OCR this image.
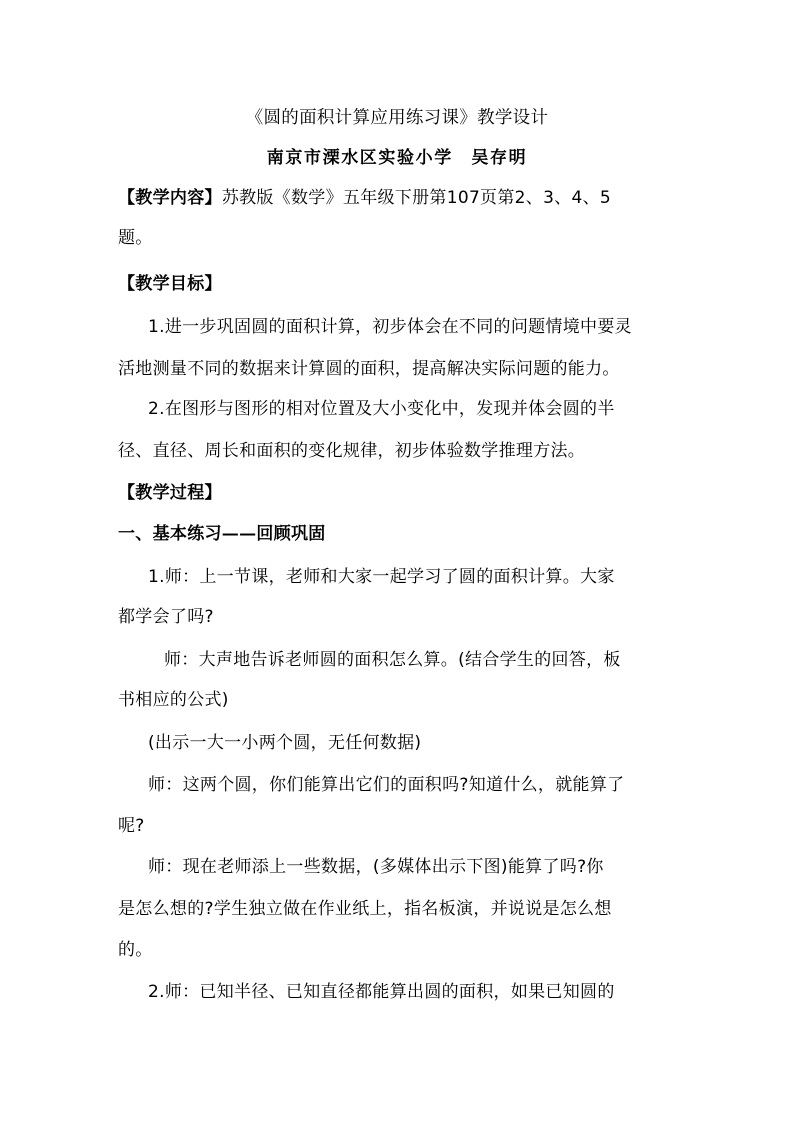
《圆的面积计算应用练习课》教学设计
南京市溧水区实验小学　吴存明
【教学内容】苏教版《数学》五年级下册第107页第2、3、4、5
题。
【教学目标】
1.进一步巩固圆的面积计算，初步体会在不同的问题情境中要灵
活地测量不同的数据来计算圆的面积，提高解决实际问题的能力。
2.在图形与图形的相对位置及大小变化中，发现并体会圆的半
径、直径、周长和面积的变化规律，初步体验数学推理方法。
【教学过程】
一、基本练习——回顾巩固
1.师：上一节课，老师和大家一起学习了圆的面积计算。大家
都学会了吗?
师：大声地告诉老师圆的面积怎么算。(结合学生的回答，板
书相应的公式)
(出示一大一小两个圆，无任何数据)
师：这两个圆，你们能算出它们的面积吗?知道什么，就能算了
呢?
师：现在老师添上一些数据，(多媒体出示下图)能算了吗?你
是怎么想的?学生独立做在作业纸上，指名板演，并说说是怎么想
的。
2.师：已知半径、已知直径都能算出圆的面积，如果已知圆的
